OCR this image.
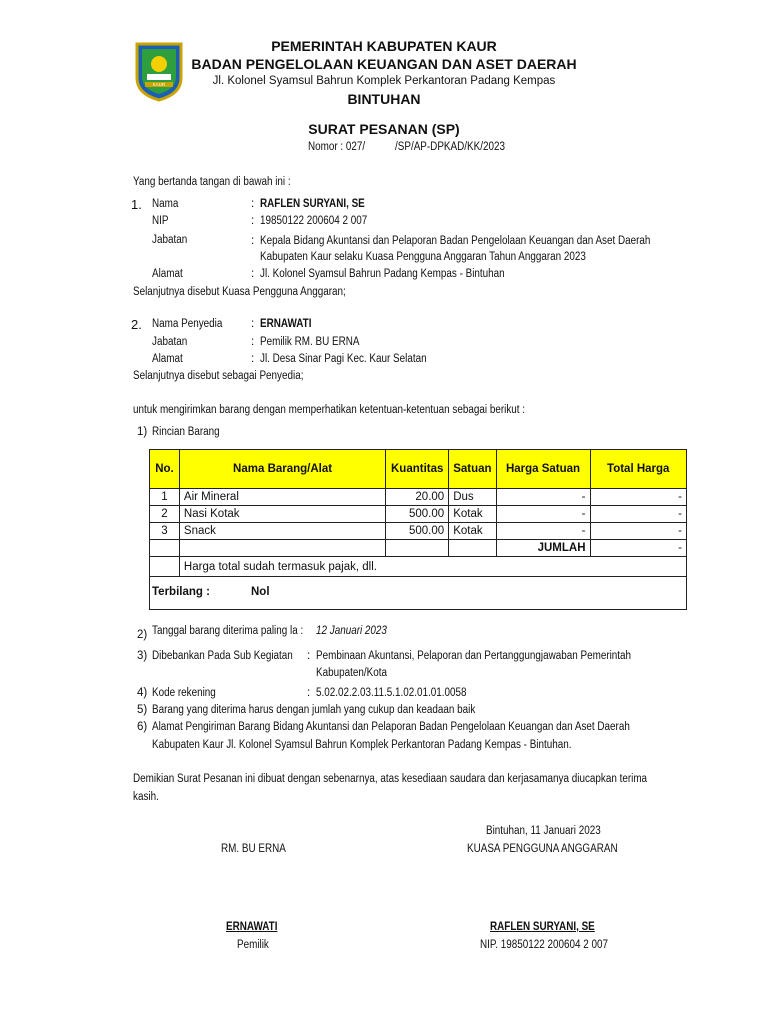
KAUR
PEMERINTAH KABUPATEN KAUR
BADAN PENGELOLAAN KEUANGAN DAN ASET DAERAH
Jl. Kolonel Syamsul Bahrun Komplek Perkantoran Padang Kempas
BINTUHAN
SURAT PESANAN (SP)
Nomor : 027/	/SP/AP-DPKAD/KK/2023
Yang bertanda tangan di bawah ini :
1. Nama	: RAFLEN SURYANI, SE
NIP	: 19850122 200604 2 007
Jabatan	: Kepala Bidang Akuntansi dan Pelaporan Badan Pengelolaan Keuangan dan Aset Daerah
Kabupaten Kaur selaku Kuasa Pengguna Anggaran Tahun Anggaran 2023
Alamat	: Jl. Kolonel Syamsul Bahrun Padang Kempas - Bintuhan
Selanjutnya disebut Kuasa Pengguna Anggaran;
2. Nama Penyedia : ERNAWATI
Jabatan	: Pemilik RM. BU ERNA
Alamat	: Jl. Desa Sinar Pagi Kec. Kaur Selatan
Selanjutnya disebut sebagai Penyedia;
untuk mengirimkan barang dengan memperhatikan ketentuan-ketentuan sebagai berikut :
1) Rincian Barang
No.	Nama Barang/Alat	Kuantitas	Satuan	Harga Satuan	Total Harga
1	Air Mineral	20.00	Dus	-	-
2	Nasi Kotak	500.00	Kotak	-	-
3	Snack	500.00	Kotak	-	-
				JUMLAH	-
	Harga total sudah termasuk pajak, dll.				

Terbilang : Nol					
2) Tanggal barang diterima paling la : 12 Januari 2023
3) Dibebankan Pada Sub Kegiatan : Pembinaan Akuntansi, Pelaporan dan Pertanggungjawaban Pemerintah
Kabupaten/Kota
4) Kode rekening	: 5.02.02.2.03.11.5.1.02.01.01.0058
5) Barang yang diterima harus dengan jumlah yang cukup dan keadaan baik
6) Alamat Pengiriman Barang Bidang Akuntansi dan Pelaporan Badan Pengelolaan Keuangan dan Aset Daerah
Kabupaten Kaur Jl. Kolonel Syamsul Bahrun Komplek Perkantoran Padang Kempas - Bintuhan.
Demikian Surat Pesanan ini dibuat dengan sebenarnya, atas kesediaan saudara dan kerjasamanya diucapkan terima
kasih.
Bintuhan, 11 Januari 2023
RM. BU ERNA	KUASA PENGGUNA ANGGARAN
ERNAWATI
Pemilik
RAFLEN SURYANI, SE
NIP. 19850122 200604 2 007
